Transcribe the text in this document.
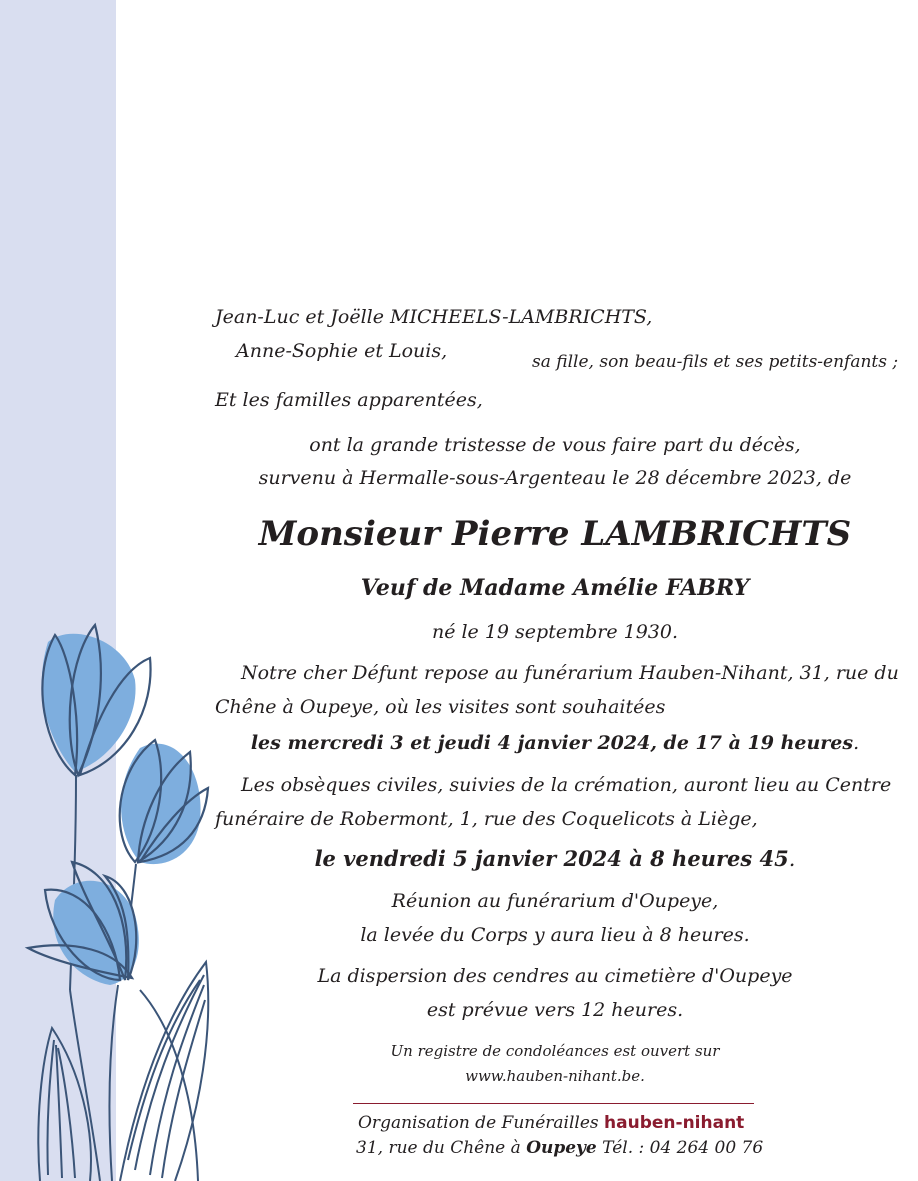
Jean-Luc et Joëlle MICHEELS-LAMBRICHTS,
Anne-Sophie et Louis,	sa fille, son beau-fils et ses petits-enfants ;
Et les familles apparentées,
ont la grande tristesse de vous faire part du décès,
survenu à Hermalle-sous-Argenteau le 28 décembre 2023, de
Monsieur Pierre LAMBRICHTS
Veuf de Madame Amélie FABRY
né le 19 septembre 1930.
Notre cher Défunt repose au funérarium Hauben-Nihant, 31, rue du
Chêne à Oupeye, où les visites sont souhaitées
les mercredi 3 et jeudi 4 janvier 2024, de 17 à 19 heures.
Les obsèques civiles, suivies de la crémation, auront lieu au Centre
funéraire de Robermont, 1, rue des Coquelicots à Liège,
le vendredi 5 janvier 2024 à 8 heures 45.
Réunion au funérarium d'Oupeye,
la levée du Corps y aura lieu à 8 heures.
La dispersion des cendres au cimetière d'Oupeye
est prévue vers 12 heures.
Un registre de condoléances est ouvert sur
www.hauben-nihant.be.
Organisation de Funérailles hauben-nihant
31, rue du Chêne à Oupeye Tél. : 04 264 00 76
